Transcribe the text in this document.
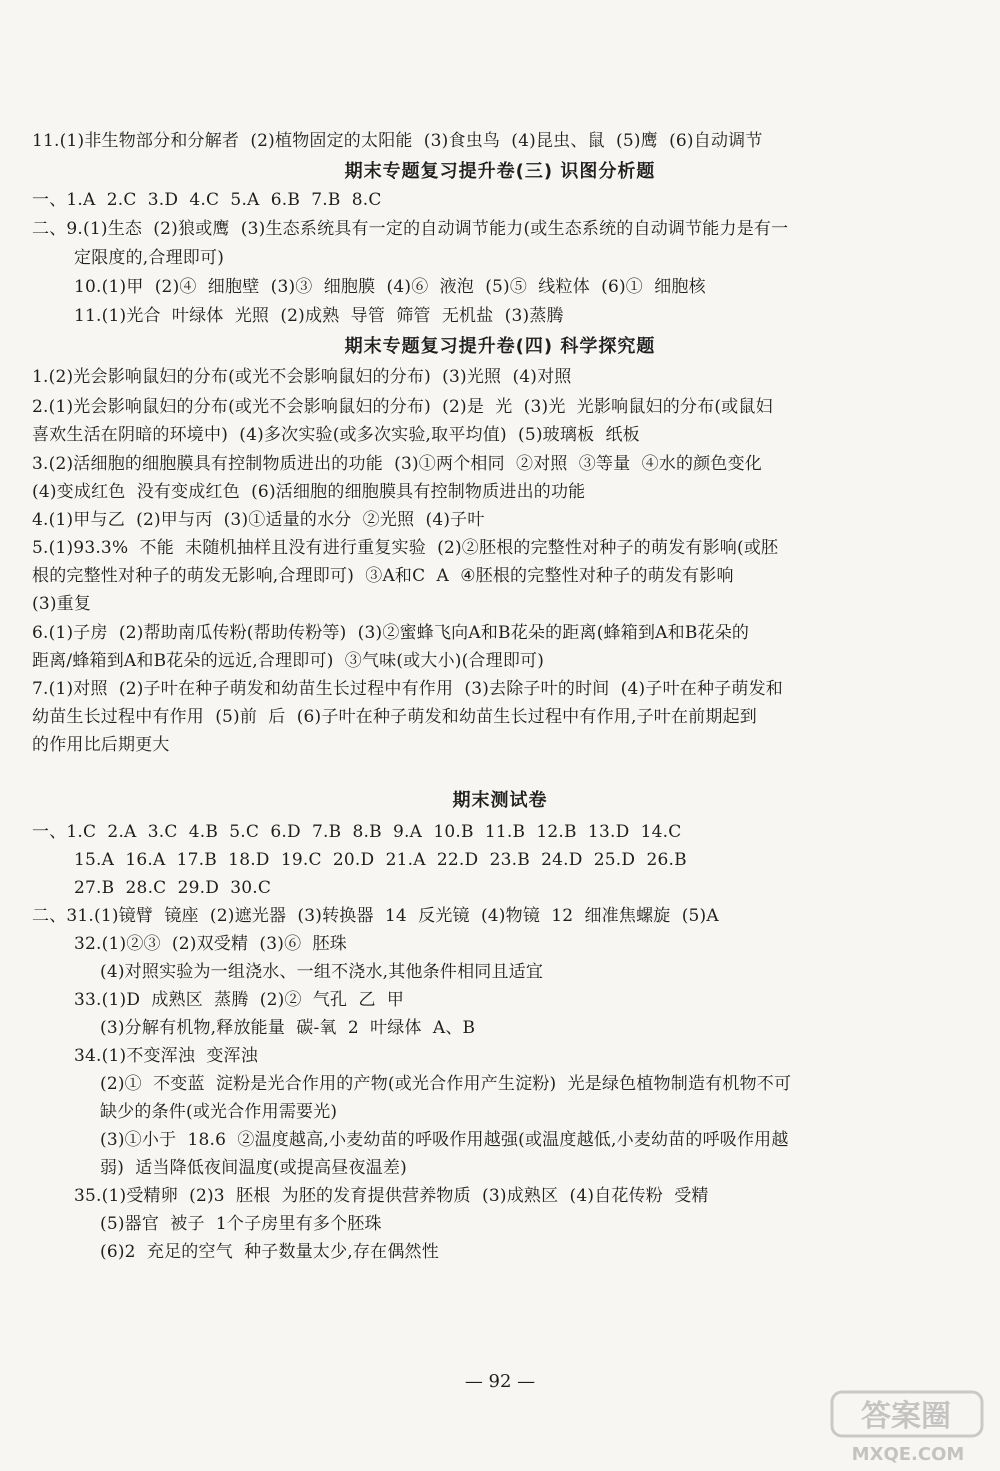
11.(1)非生物部分和分解者  (2)植物固定的太阳能  (3)食虫鸟  (4)昆虫、鼠  (5)鹰  (6)自动调节
期末专题复习提升卷(三) 识图分析题
一、1.A  2.C  3.D  4.C  5.A  6.B  7.B  8.C
二、9.(1)生态  (2)狼或鹰  (3)生态系统具有一定的自动调节能力(或生态系统的自动调节能力是有一
定限度的,合理即可)
10.(1)甲  (2)④  细胞壁  (3)③  细胞膜  (4)⑥  液泡  (5)⑤  线粒体  (6)①  细胞核
11.(1)光合  叶绿体  光照  (2)成熟  导管  筛管  无机盐  (3)蒸腾
期末专题复习提升卷(四) 科学探究题
1.(2)光会影响鼠妇的分布(或光不会影响鼠妇的分布)  (3)光照  (4)对照
2.(1)光会影响鼠妇的分布(或光不会影响鼠妇的分布)  (2)是  光  (3)光  光影响鼠妇的分布(或鼠妇
喜欢生活在阴暗的环境中)  (4)多次实验(或多次实验,取平均值)  (5)玻璃板  纸板
3.(2)活细胞的细胞膜具有控制物质进出的功能  (3)①两个相同  ②对照  ③等量  ④水的颜色变化
(4)变成红色  没有变成红色  (6)活细胞的细胞膜具有控制物质进出的功能
4.(1)甲与乙  (2)甲与丙  (3)①适量的水分  ②光照  (4)子叶
5.(1)93.3%  不能  未随机抽样且没有进行重复实验  (2)②胚根的完整性对种子的萌发有影响(或胚
根的完整性对种子的萌发无影响,合理即可)  ③A和C  A  ④胚根的完整性对种子的萌发有影响
(3)重复
6.(1)子房  (2)帮助南瓜传粉(帮助传粉等)  (3)②蜜蜂飞向A和B花朵的距离(蜂箱到A和B花朵的
距离/蜂箱到A和B花朵的远近,合理即可)  ③气味(或大小)(合理即可)
7.(1)对照  (2)子叶在种子萌发和幼苗生长过程中有作用  (3)去除子叶的时间  (4)子叶在种子萌发和
幼苗生长过程中有作用  (5)前  后  (6)子叶在种子萌发和幼苗生长过程中有作用,子叶在前期起到
的作用比后期更大
期末测试卷
一、1.C  2.A  3.C  4.B  5.C  6.D  7.B  8.B  9.A  10.B  11.B  12.B  13.D  14.C
15.A  16.A  17.B  18.D  19.C  20.D  21.A  22.D  23.B  24.D  25.D  26.B
27.B  28.C  29.D  30.C
二、31.(1)镜臂  镜座  (2)遮光器  (3)转换器  14  反光镜  (4)物镜  12  细准焦螺旋  (5)A
32.(1)②③  (2)双受精  (3)⑥  胚珠
(4)对照实验为一组浇水、一组不浇水,其他条件相同且适宜
33.(1)D  成熟区  蒸腾  (2)②  气孔  乙  甲
(3)分解有机物,释放能量  碳-氧  2  叶绿体  A、B
34.(1)不变浑浊  变浑浊
(2)①  不变蓝  淀粉是光合作用的产物(或光合作用产生淀粉)  光是绿色植物制造有机物不可
缺少的条件(或光合作用需要光)
(3)①小于  18.6  ②温度越高,小麦幼苗的呼吸作用越强(或温度越低,小麦幼苗的呼吸作用越
弱)  适当降低夜间温度(或提高昼夜温差)
35.(1)受精卵  (2)3  胚根  为胚的发育提供营养物质  (3)成熟区  (4)自花传粉  受精
(5)器官  被子  1个子房里有多个胚珠
(6)2  充足的空气  种子数量太少,存在偶然性
— 92 —
答案圈
MXQE.COM
